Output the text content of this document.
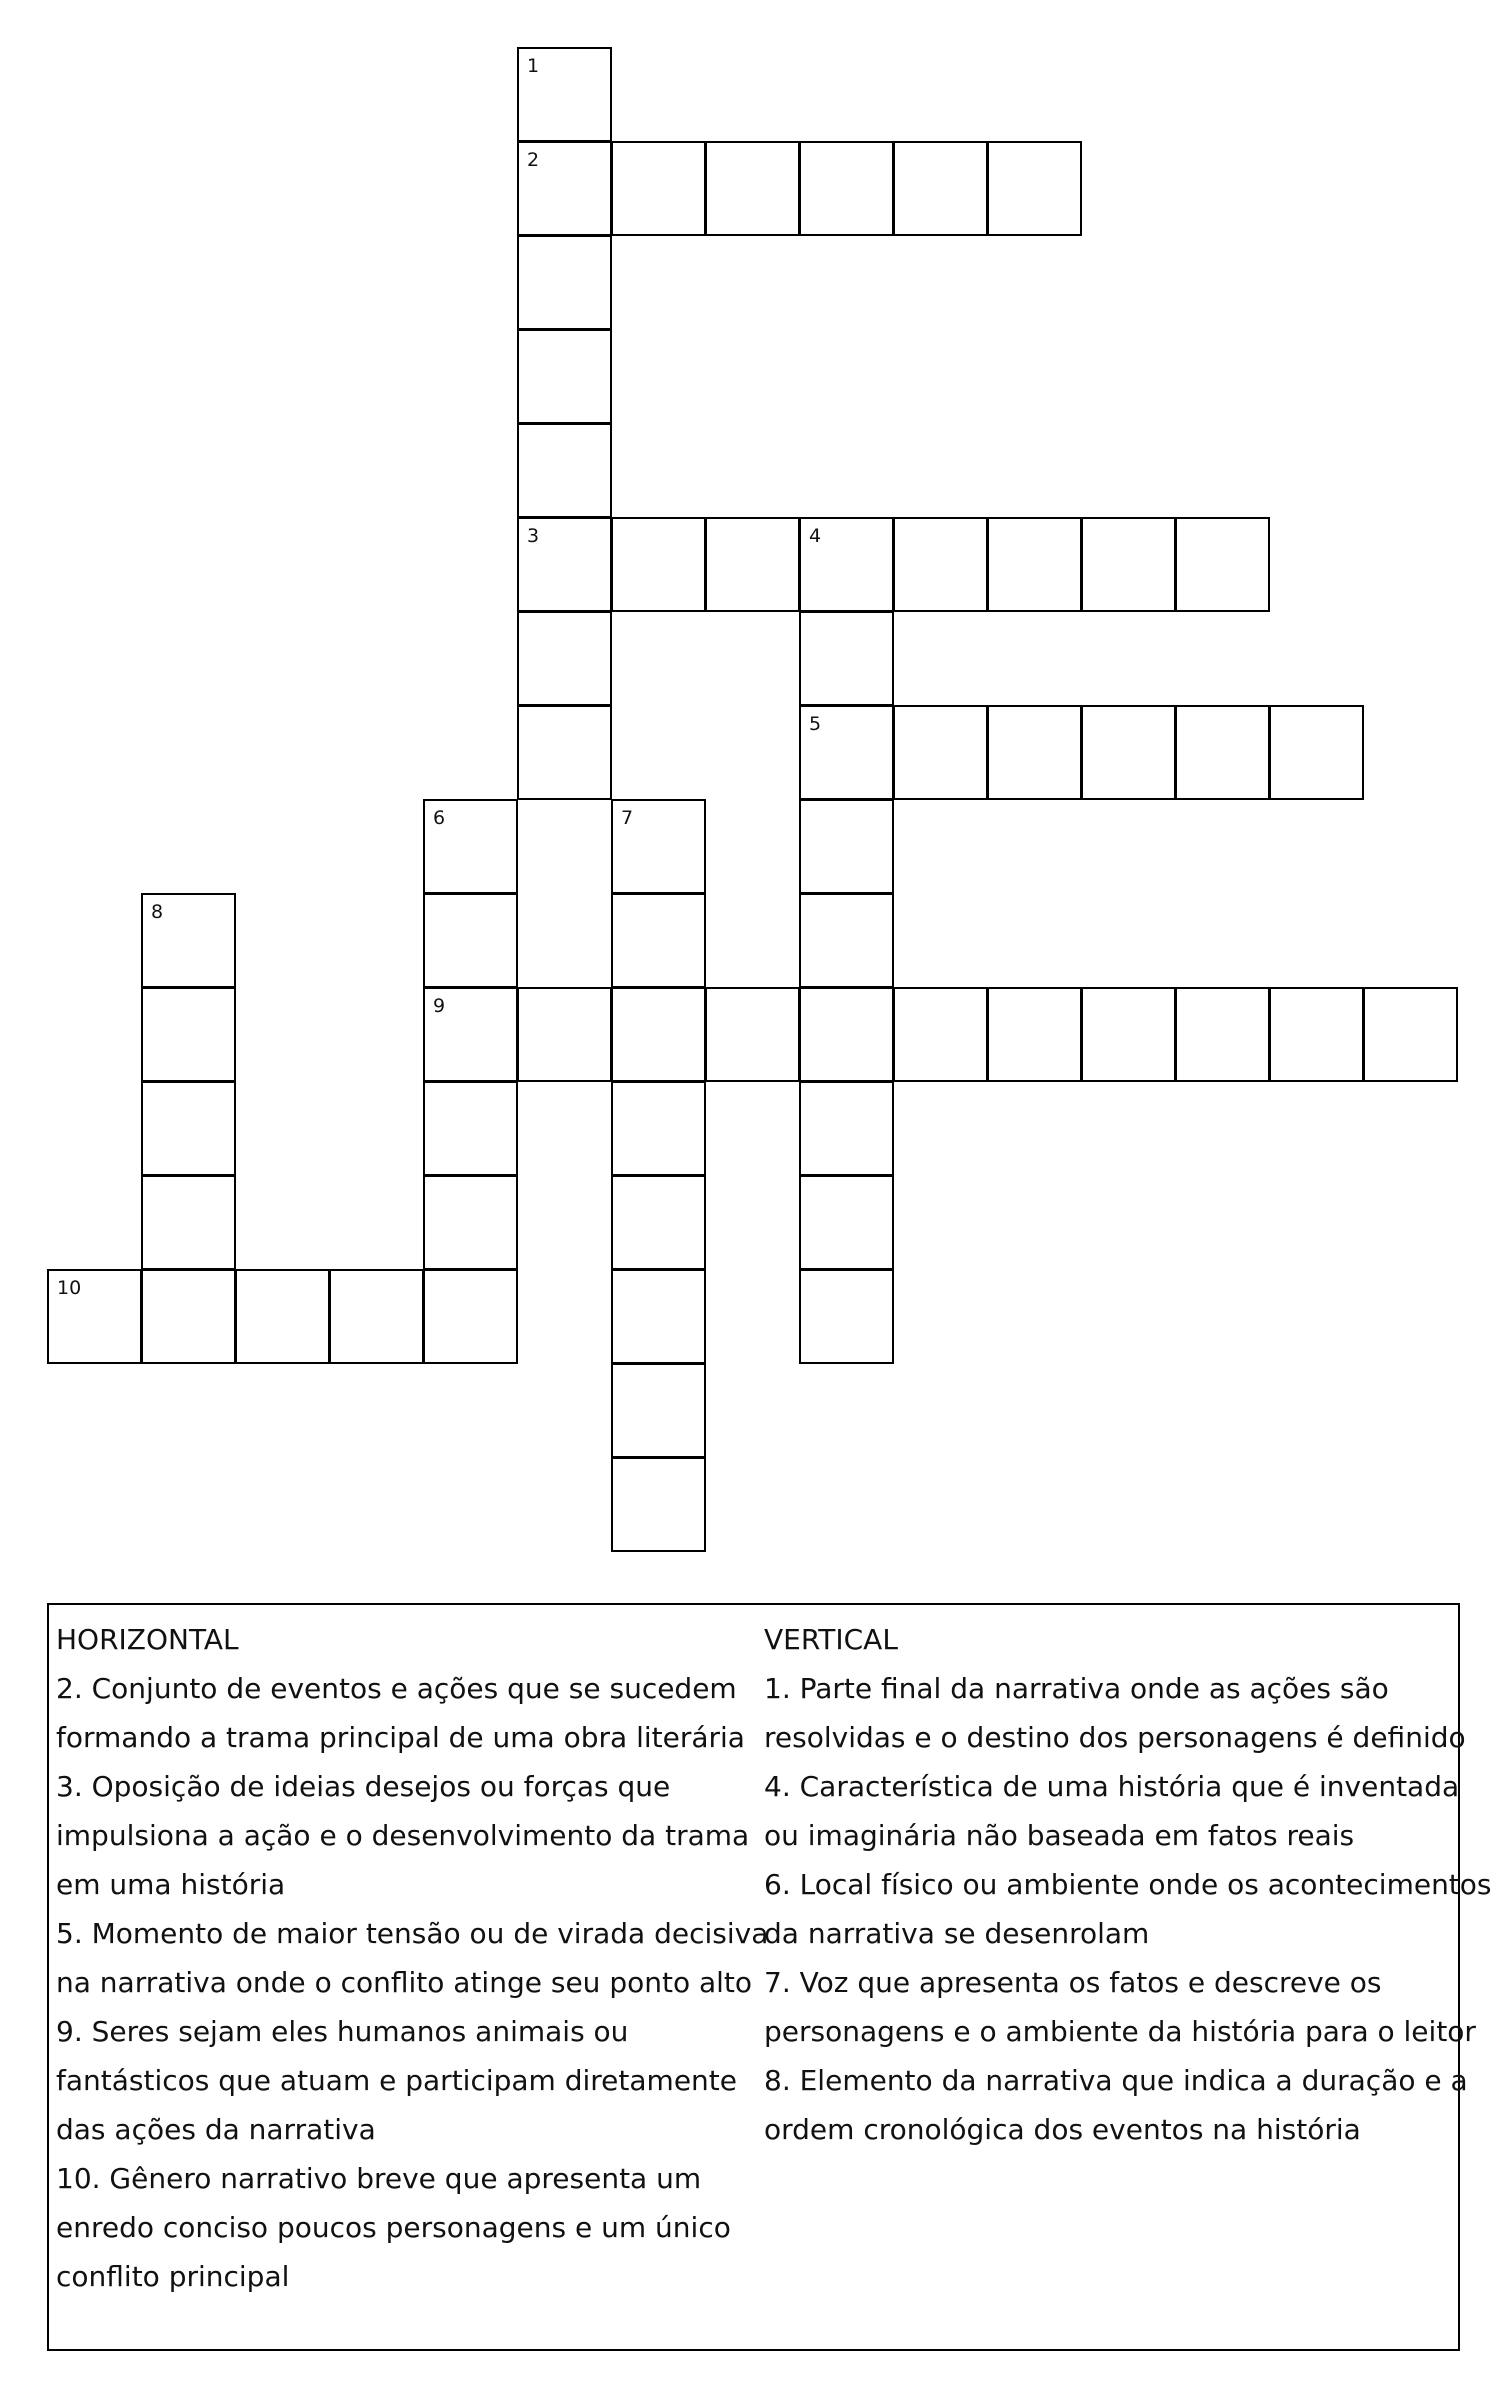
1
2
3	4
5
6	7
8
9
10
HORIZONTAL
2. Conjunto de eventos e ações que se sucedem
formando a trama principal de uma obra literária
3. Oposição de ideias desejos ou forças que
impulsiona a ação e o desenvolvimento da trama
em uma história
5. Momento de maior tensão ou de virada decisiva
na narrativa onde o conflito atinge seu ponto alto
9. Seres sejam eles humanos animais ou
fantásticos que atuam e participam diretamente
das ações da narrativa
10. Gênero narrativo breve que apresenta um
enredo conciso poucos personagens e um único
conflito principal
VERTICAL
1. Parte final da narrativa onde as ações são
resolvidas e o destino dos personagens é definido
4. Característica de uma história que é inventada
ou imaginária não baseada em fatos reais
6. Local físico ou ambiente onde os acontecimentos
da narrativa se desenrolam
7. Voz que apresenta os fatos e descreve os
personagens e o ambiente da história para o leitor
8. Elemento da narrativa que indica a duração e a
ordem cronológica dos eventos na história
